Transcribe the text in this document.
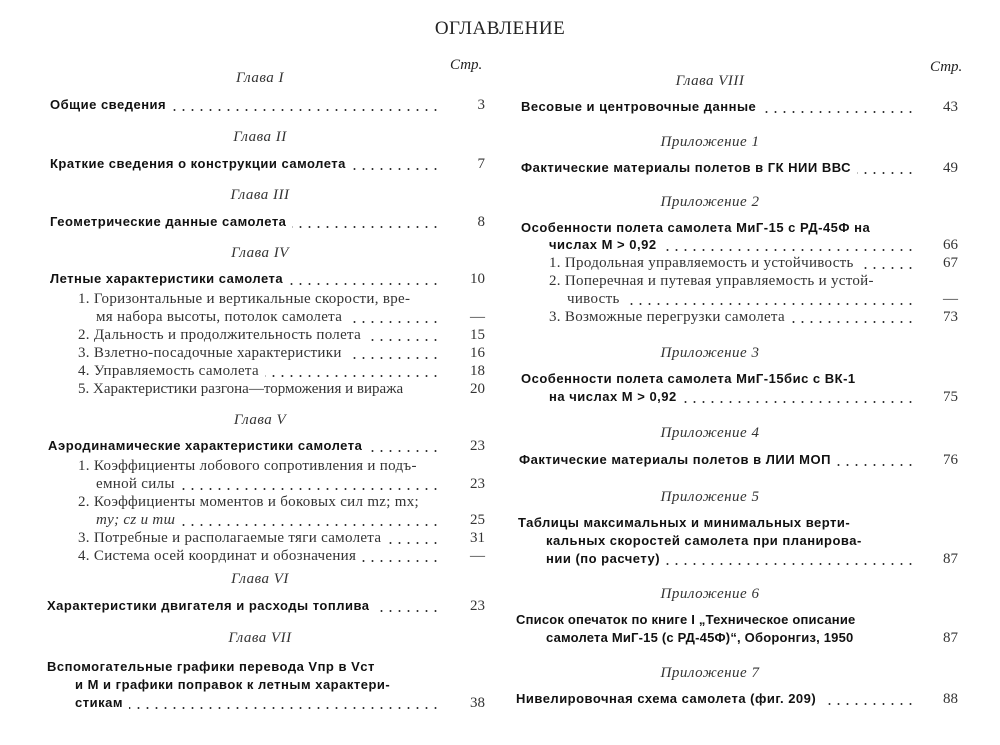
ОГЛАВЛЕНИЕ
Стр.	Стр.
Глава I
Общие сведения	3
Глава II
Краткие сведения о конструкции самолета	7
Глава III
Геометрические данные самолета	8
Глава IV
Летные характеристики самолета	10
1. Горизонтальные и вертикальные скорости, вре-
мя набора высоты, потолок самолета	—
2. Дальность и продолжительность полета	15
3. Взлетно-посадочные характеристики	16
4. Управляемость самолета	18
5. Характеристики разгона—торможения и виража	20
Глава V
Аэродинамические характеристики самолета	23
1. Коэффициенты лобового сопротивления и подъ-
емной силы	23
2. Коэффициенты моментов и боковых сил mz; mx;
my; cz и mш	25
3. Потребные и располагаемые тяги самолета	31
4. Система осей координат и обозначения	—
Глава VI
Характеристики двигателя и расходы топлива	23
Глава VII
Вспомогательные графики перевода Vпр в Vст
и M и графики поправок к летным характери-
стикам	38
Глава VIII
Весовые и центровочные данные	43
Приложение 1
Фактические материалы полетов в ГК НИИ ВВС	49
Приложение 2
Особенности полета самолета МиГ-15 с РД-45Ф на
числах M > 0,92	66
1. Продольная управляемость и устойчивость	67
2. Поперечная и путевая управляемость и устой-
чивость	—
3. Возможные перегрузки самолета	73
Приложение 3
Особенности полета самолета МиГ-15бис с ВК-1
на числах M > 0,92	75
Приложение 4
Фактические материалы полетов в ЛИИ МОП	76
Приложение 5
Таблицы максимальных и минимальных верти-
кальных скоростей самолета при планирова-
нии (по расчету)	87
Приложение 6
Список опечаток по книге I „Техническое описание
самолета МиГ-15 (с РД-45Ф)“, Оборонгиз, 1950	87
Приложение 7
Нивелировочная схема самолета (фиг. 209)	88
